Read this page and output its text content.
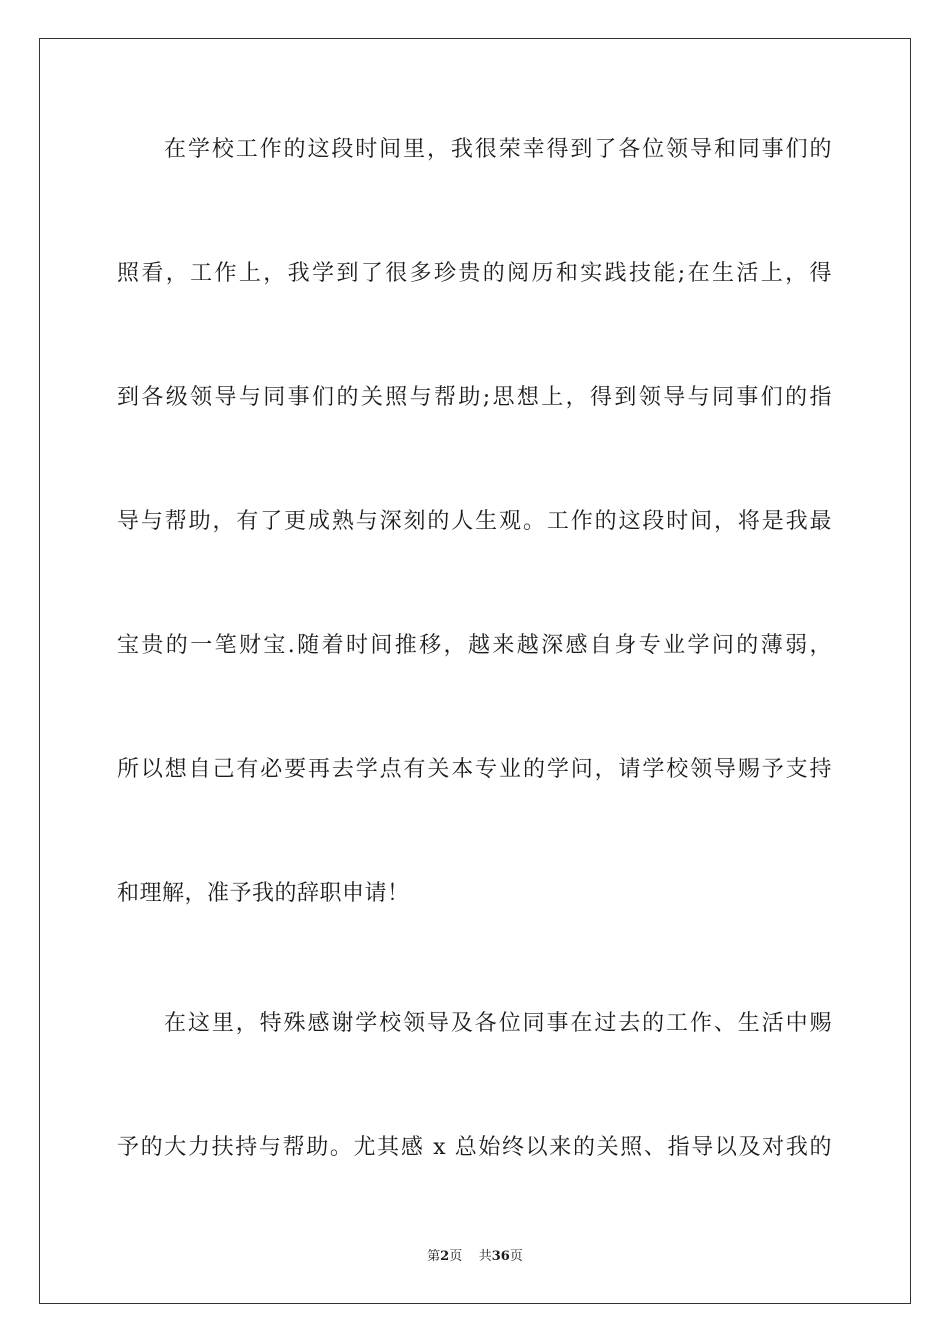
在学校工作的这段时间里，我很荣幸得到了各位领导和同事们的
照看，工作上，我学到了很多珍贵的阅历和实践技能;在生活上，得
到各级领导与同事们的关照与帮助;思想上，得到领导与同事们的指
导与帮助，有了更成熟与深刻的人生观。工作的这段时间，将是我最
宝贵的一笔财宝.随着时间推移，越来越深感自身专业学问的薄弱，
所以想自己有必要再去学点有关本专业的学问，请学校领导赐予支持
和理解，准予我的辞职申请！
在这里，特殊感谢学校领导及各位同事在过去的工作、生活中赐
予的大力扶持与帮助。尤其感 x 总始终以来的关照、指导以及对我的
第2页 共36页
